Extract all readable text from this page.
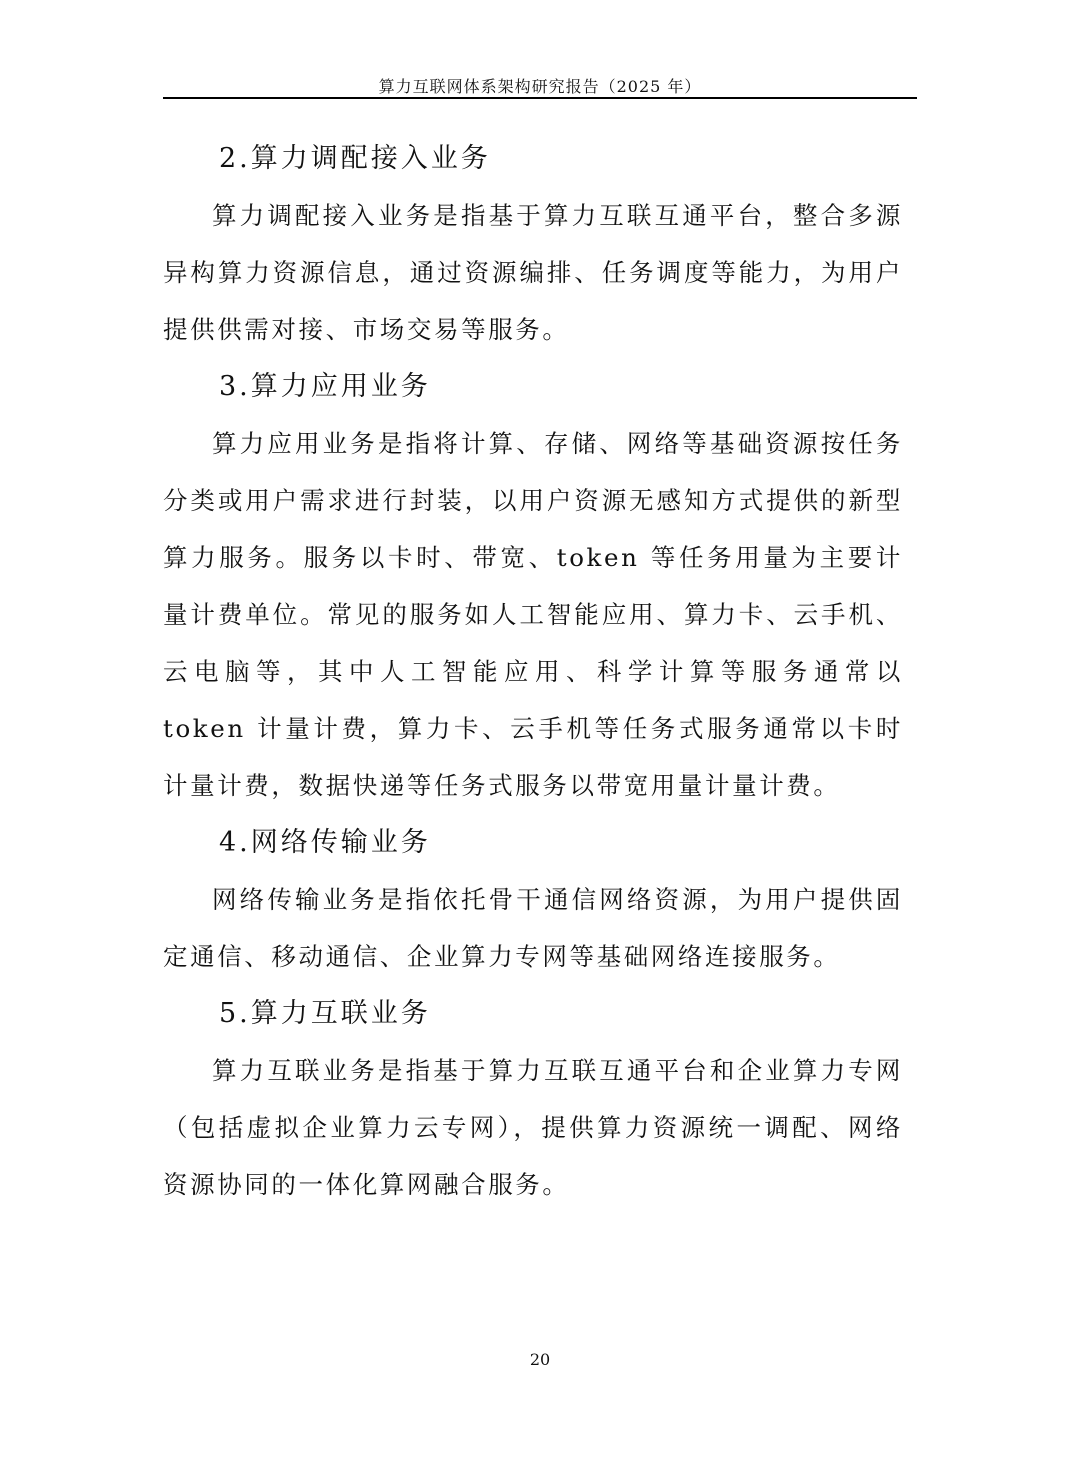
算力互联网体系架构研究报告（2025 年）
2.算力调配接入业务

算力调配接入业务是指基于算力互联互通平台，整合多源异构算力资源信息，通过资源编排、任务调度等能力，为用户提供供需对接、市场交易等服务。

3.算力应用业务

算力应用业务是指将计算、存储、网络等基础资源按任务分类或用户需求进行封装，以用户资源无感知方式提供的新型算力服务。服务以卡时、带宽、token 等任务用量为主要计量计费单位。常见的服务如人工智能应用、算力卡、云手机、云电脑等，其中人工智能应用、科学计算等服务通常以 token 计量计费，算力卡、云手机等任务式服务通常以卡时计量计费，数据快递等任务式服务以带宽用量计量计费。

4.网络传输业务

网络传输业务是指依托骨干通信网络资源，为用户提供固定通信、移动通信、企业算力专网等基础网络连接服务。

5.算力互联业务

算力互联业务是指基于算力互联互通平台和企业算力专网（包括虚拟企业算力云专网），提供算力资源统一调配、网络资源协同的一体化算网融合服务。

20
